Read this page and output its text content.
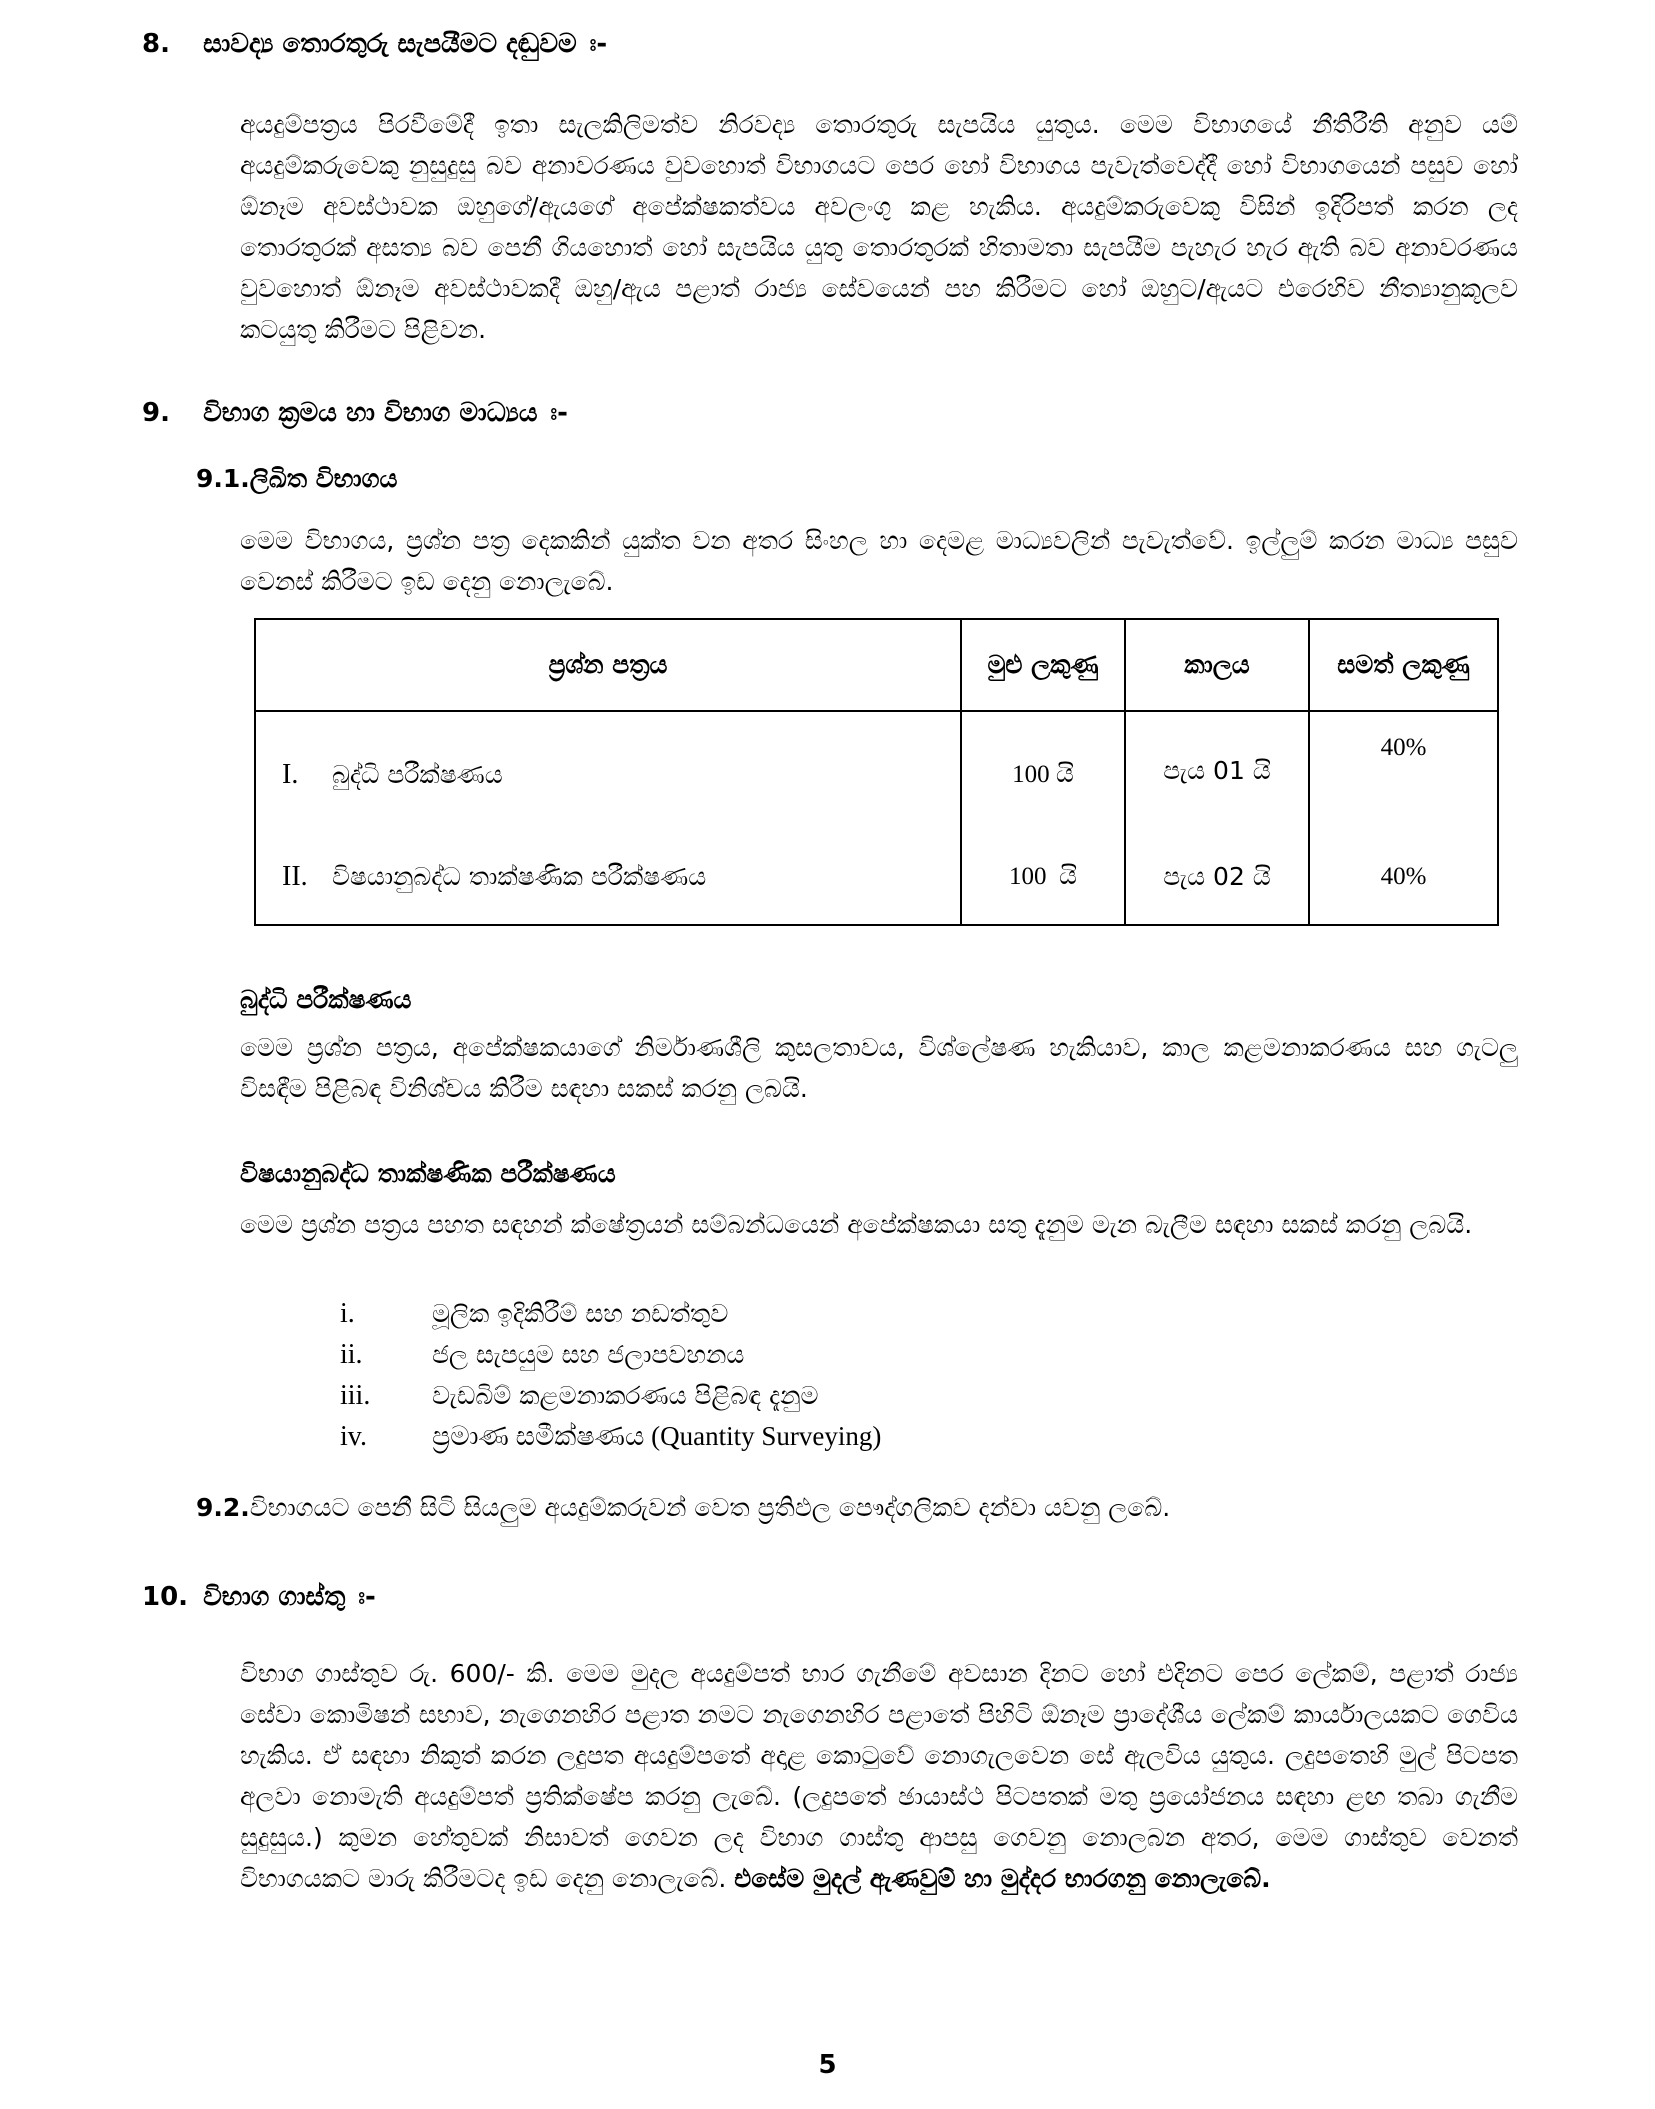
8. සාවද්‍ය තොරතුරු සැපයීමට දඬුවම ඃ-
අයදුම්පත්‍රය පිරවීමේදී ඉතා සැලකිලිමත්ව නිරවද්‍ය තොරතුරු සැපයිය යුතුය. මෙම විභාගයේ නීතිරීති අනුව යම් අයදුම්කරුවෙකු නුසුදුසු බව අනාවරණය වුවහොත් විභාගයට පෙර හෝ විභාගය පැවැත්වෙද්දී හෝ විභාගයෙන් පසුව හෝ ඕනෑම අවස්ථාවක ඔහුගේ/ඇයගේ අපේක්ෂකත්වය අවලංගු කළ හැකිය. අයදුම්කරුවෙකු විසින් ඉදිරිපත් කරන ලද තොරතුරක් අසත්‍ය බව පෙනී ගියහොත් හෝ සැපයිය යුතු තොරතුරක් හිතාමතා සැපයීම පැහැර හැර ඇති බව අනාවරණය වුවහොත් ඕනෑම අවස්ථාවකදී ඔහු/ඇය පළාත් රාජ්‍ය සේවයෙන් පහ කිරීමට හෝ ඔහුට/ඇයට එරෙහිව නීත්‍යානුකූලව කටයුතු කිරීමට පිළිවන.
9. විභාග ක්‍රමය හා විභාග මාධ්‍යය ඃ-
9.1.ලිඛිත විභාගය
මෙම විභාගය, ප්‍රශ්න පත්‍ර දෙකකින් යුක්ත වන අතර සිංහල හා දෙමළ මාධ්‍යවලින් පැවැත්වේ. ඉල්ලුම් කරන මාධ්‍ය පසුව වෙනස් කිරීමට ඉඩ දෙනු නොලැබේ.
ප්‍රශ්න පත්‍රය	මුළු ලකුණු	කාලය	සමත් ලකුණු
I. බුද්ධි පරීක්ෂණය	100 යි	පැය 01 යි	40%
II. විෂයානුබද්ධ තාක්ෂණික පරීක්ෂණය	100  යි	පැය 02 යි	40%
බුද්ධි පරීක්ෂණය
මෙම ප්‍රශ්න පත්‍රය, අපේක්ෂකයාගේ නිර්මාණශීලි කුසලතාවය, විශ්ලේෂණ හැකියාව, කාල කළමනාකරණය සහ ගැටලු විසඳීම පිළිබඳ විනිශ්චය කිරීම සඳහා සකස් කරනු ලබයි.
විෂයානුබද්ධ තාක්ෂණික පරීක්ෂණය
මෙම ප්‍රශ්න පත්‍රය පහත සඳහන් ක්ෂේත්‍රයන් සම්බන්ධයෙන් අපේක්ෂකයා සතු දැනුම මැන බැලීම සඳහා සකස් කරනු ලබයි.
i.	මූලික ඉදිකිරීම් සහ නඩත්තුව
ii.	ජල සැපයුම සහ ජලාපවහනය
iii. වැඩබිම් කළමනාකරණය පිළිබඳ දැනුම
iv. ප්‍රමාණ සමීක්ෂණය (Quantity Surveying)
9.2.විභාගයට පෙනී සිටි සියලුම අයදුම්කරුවන් වෙත ප්‍රතිඵල පෞද්ගලිකව දන්වා යවනු ලබේ.
10. විභාග ගාස්තු ඃ-
විභාග ගාස්තුව රු. 600/- කි. මෙම මුදල අයදුම්පත් භාර ගැනීමේ අවසාන දිනට හෝ එදිනට පෙර ලේකම්, පළාත් රාජ්‍ය සේවා කොමිෂන් සභාව, නැගෙනහිර පළාත නමට නැගෙනහිර පළාතේ පිහිටි ඕනෑම ප්‍රාදේශීය ලේකම් කාර්යාලයකට ගෙවිය හැකිය. ඒ සඳහා නිකුත් කරන ලදුපත අයදුම්පතේ අදාළ කොටුවේ නොගැලවෙන සේ ඇලවිය යුතුය. ලදුපතෙහි මුල් පිටපත අලවා නොමැති අයදුම්පත් ප්‍රතික්ෂේප කරනු ලැබේ. (ලදුපතේ ඡායාස්ථ පිටපතක් මතු ප්‍රයෝජනය සඳහා ළඟ තබා ගැනීම සුදුසුය.) කුමන හේතුවක් නිසාවත් ගෙවන ලද විභාග ගාස්තු ආපසු ගෙවනු නොලබන අතර, මෙම ගාස්තුව වෙනත් විභාගයකට මාරු කිරීමටද ඉඩ දෙනු නොලැබේ. එසේම මුදල් ඇණවුම් හා මුද්දර භාරගනු නොලැබේ.
5
